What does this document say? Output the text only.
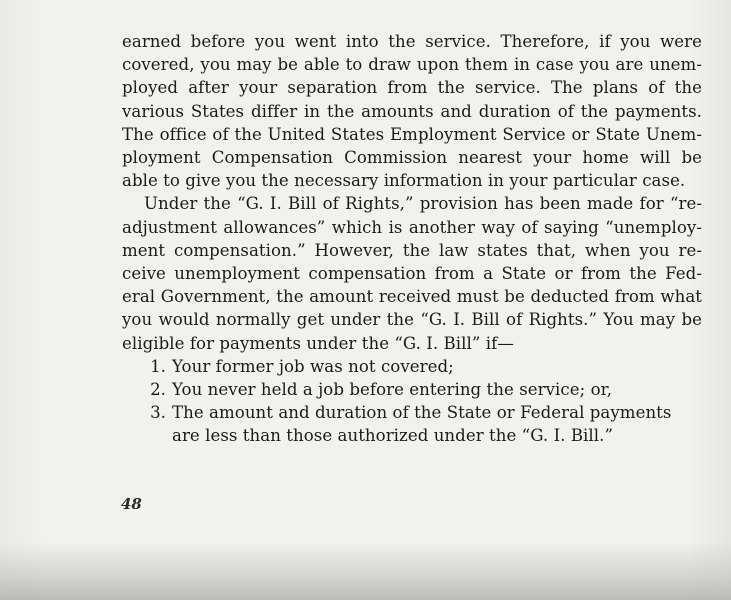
earned before you went into the service. Therefore, if you were covered, you may be able to draw upon them in case you are unem-ployed after your separation from the service. The plans of the various States differ in the amounts and duration of the payments. The office of the United States Employment Service or State Unem-ployment Compensation Commission nearest your home will be able to give you the necessary information in your particular case.

Under the “G. I. Bill of Rights,” provision has been made for “re-adjustment allowances” which is another way of saying “unemploy-ment compensation.” However, the law states that, when you re-ceive unemployment compensation from a State or from the Fed-eral Government, the amount received must be deducted from what you would normally get under the “G. I. Bill of Rights.” You may be eligible for payments under the “G. I. Bill” if—

1. Your former job was not covered;
2. You never held a job before entering the service; or,
3. The amount and duration of the State or Federal payments are less than those authorized under the “G. I. Bill.”
48
